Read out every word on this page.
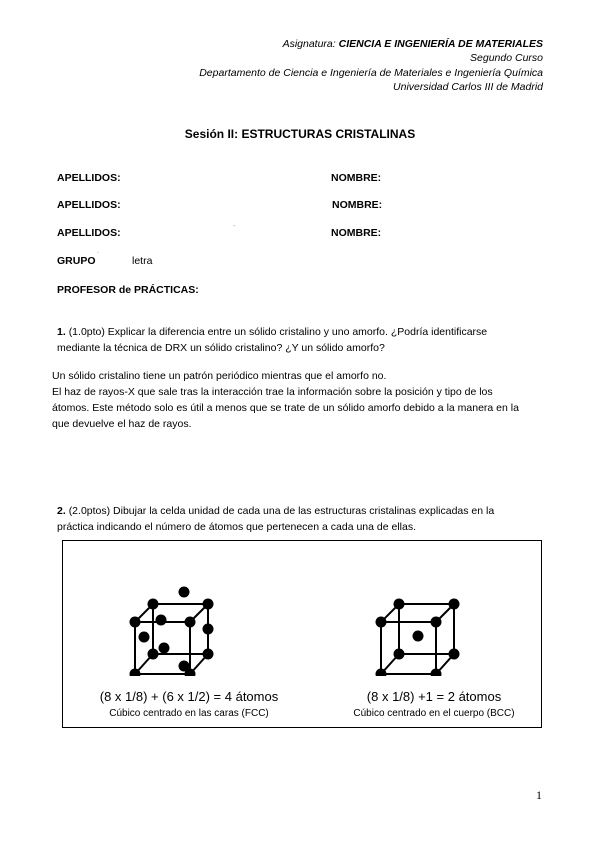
Asignatura: CIENCIA E INGENIERÍA DE MATERIALES
Segundo Curso
Departamento de Ciencia e Ingeniería de Materiales e Ingeniería Química
Universidad Carlos III de Madrid
Sesión II: ESTRUCTURAS CRISTALINAS
APELLIDOS:	NOMBRE:
APELLIDOS:	NOMBRE:
APELLIDOS:	NOMBRE:
-
GRUPO ´	letra
PROFESOR de PRÁCTICAS:
1. (1.0pto) Explicar la diferencia entre un sólido cristalino y uno amorfo. ¿Podría identificarse
mediante la técnica de DRX un sólido cristalino? ¿Y un sólido amorfo?
Un sólido cristalino tiene un patrón periódico mientras que el amorfo no.
El haz de rayos-X que sale tras la interacción trae la información sobre la posición y tipo de los
átomos. Este método solo es útil a menos que se trate de un sólido amorfo debido a la manera en la
que devuelve el haz de rayos.
2. (2.0ptos) Dibujar la celda unidad de cada una de las estructuras cristalinas explicadas en la
práctica indicando el número de átomos que pertenecen a cada una de ellas.
(8 x 1/8) + (6 x 1/2) = 4 átomos
Cúbico centrado en las caras (FCC)
(8 x 1/8) +1 = 2 átomos
Cúbico centrado en el cuerpo (BCC)
1
